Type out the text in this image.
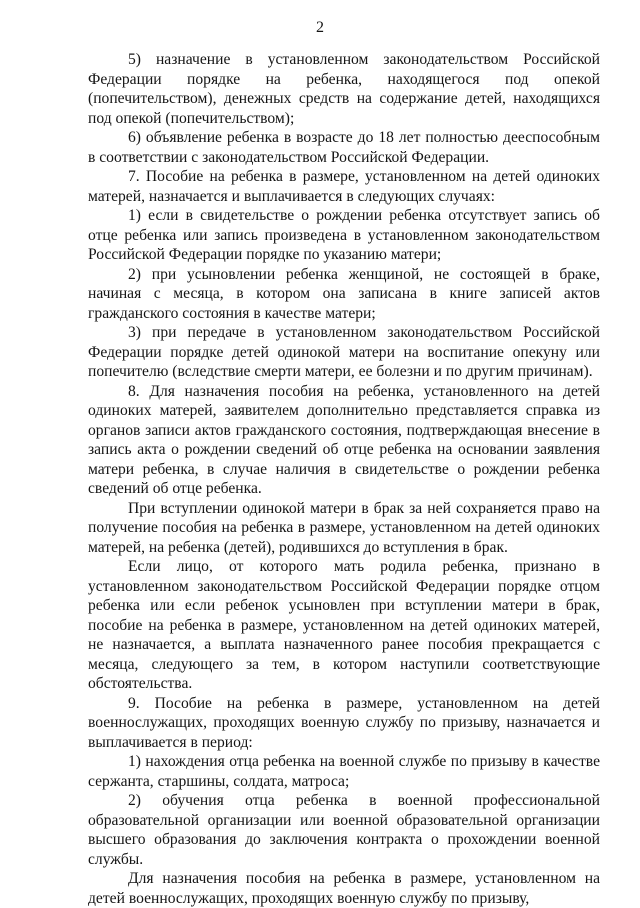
2

5) назначение в установленном законодательством Российской Федерации порядке на ребенка, находящегося под опекой (попечительством), денежных средств на содержание детей, находящихся под опекой (попечительством);

6) объявление ребенка в возрасте до 18 лет полностью дееспособным в соответствии с законодательством Российской Федерации.

7. Пособие на ребенка в размере, установленном на детей одиноких матерей, назначается и выплачивается в следующих случаях:

1) если в свидетельстве о рождении ребенка отсутствует запись об отце ребенка или запись произведена в установленном законодательством Российской Федерации порядке по указанию матери;

2) при усыновлении ребенка женщиной, не состоящей в браке, начиная с месяца, в котором она записана в книге записей актов гражданского состояния в качестве матери;

3) при передаче в установленном законодательством Российской Федерации порядке детей одинокой матери на воспитание опекуну или попечителю (вследствие смерти матери, ее болезни и по другим причинам).

8. Для назначения пособия на ребенка, установленного на детей одиноких матерей, заявителем дополнительно представляется справка из органов записи актов гражданского состояния, подтверждающая внесение в запись акта о рождении сведений об отце ребенка на основании заявления матери ребенка, в случае наличия в свидетельстве о рождении ребенка сведений об отце ребенка.

При вступлении одинокой матери в брак за ней сохраняется право на получение пособия на ребенка в размере, установленном на детей одиноких матерей, на ребенка (детей), родившихся до вступления в брак.

Если лицо, от которого мать родила ребенка, признано в установленном законодательством Российской Федерации порядке отцом ребенка или если ребенок усыновлен при вступлении матери в брак, пособие на ребенка в размере, установленном на детей одиноких матерей, не назначается, а выплата назначенного ранее пособия прекращается с месяца, следующего за тем, в котором наступили соответствующие обстоятельства.

9. Пособие на ребенка в размере, установленном на детей военнослужащих, проходящих военную службу по призыву, назначается и выплачивается в период:

1) нахождения отца ребенка на военной службе по призыву в качестве сержанта, старшины, солдата, матроса;

2) обучения отца ребенка в военной профессиональной образовательной организации или военной образовательной организации высшего образования до заключения контракта о прохождении военной службы.

Для назначения пособия на ребенка в размере, установленном на детей военнослужащих, проходящих военную службу по призыву,
